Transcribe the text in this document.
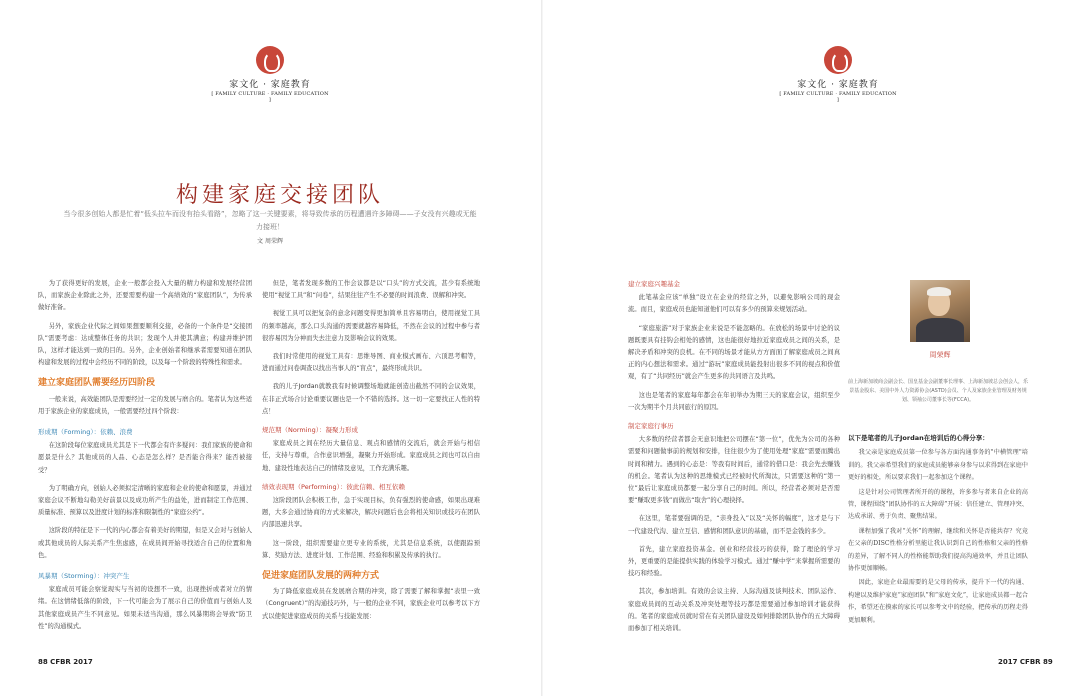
家文化 · 家庭教育
[ FAMILY CULTURE · FAMILY EDUCATION ]
构建家庭交接团队
当今很多创始人都是忙着“低头拉车而没有抬头看路”，忽略了这一关键要素，将导致传承的历程遭遇许多障碍——子女没有兴趣或无能力接班！
文 周荣辉

为了获得更好的发展，企业一般都会投入大量的精力构建和发展经营团队，而家族企业除此之外，还要需要构建一个高绩效的“家庭团队”，为传承做好准备。

另外，家族企业代际之间如果想要顺利交接，必备的一个条件是“交接团队”需要考虑：达成整体任务的共识；发现个人并使其满意；构建并维护团队，这样才能达到一致的目的。另外，企业创始者和继承者需要知道在团队构建和发展的过程中会经历不同的阶段，以及每一个阶段的特殊性和需求。

建立家庭团队需要经历四阶段

一般来说，高效能团队是需要经过一定的发展与磨合的。笔者认为这些适用于家族企业的家庭成员，一般需要经过四个阶段：

形成期（Forming）：依赖、浪费

在这阶段每位家庭成员尤其是下一代都会有许多疑问：我们家族的使命和愿景是什么？其他成员的人品、心态是怎么样？是否能合得来？能否被接受？

为了明确方向，创始人必须拟定清晰的家庭和企业的使命和愿景，并通过家庭会议不断地勾勒美好前景以及成功所产生的益处，进而制定工作范围、质量标准、预算以及进度计划的标准和限制性的“家庭公约”。

这阶段的特征是下一代的内心都会有着美好的期望，但是又会对与创始人或其他成员的人际关系产生焦虑感，在成员间开始寻找适合自己的位置和角色。

风暴期（Storming）：冲突产生

家庭成员可能会察觉现实与当初的设想不一致，出现挫折或者对立的情绪。在这情绪低落的阶段，下一代可能会为了展示自己的价值而与创始人及其他家庭成员产生不同意见。如果未适当沟通，那么风暴期将会导致“防卫性”的沟通模式。

但是，笔者发现多数的工作会议都是以“口头”的方式交流，甚少有系统地使用“视觉工具”和“问卷”，结果往往产生不必要的时间浪费、误解和冲突。

视觉工具可以把复杂的意念问题变得更加简单且容易明白，使用视觉工具的频率越高，那么口头沟通的需要就越容易降低，不然在会议的过程中参与者很容易因为分神而失去注意力及影响会议的效果。

我们时常使用的视觉工具有：思维导图、商业模式画布、六顶思考帽等，进而通过问卷调查以找出当事人的“盲点”，最终形成共识。

我的儿子Jordan就教我有时候调整场地就能创造出截然不同的会议效果，在非正式场合讨论重要议题也是一个不错的选择。这一切一定要找正人性的特点！

规范期（Norming）：凝聚力形成

家庭成员之间在经历大量信息、观点和感情的交流后，就会开始与相信任，支持与尊重，合作意识增强，凝聚力开始形成。家庭成员之间也可以自由地、建设性地表达自己的情绪及意见，工作充满乐趣。

绩效表现期（Performing）：彼此信赖、相互依赖

这阶段团队会积极工作，急于实现目标，负有强烈的使命感，如果出现难题，大多会通过协商的方式来解决，解决问题后也会将相关知识或技巧在团队内部迅速共享。

这一阶段，组织需要建立更专业的系统，尤其是信息系统，以使跟踪预算、奖励方法、进度计划、工作范围、经验和积累及传承的执行。

促进家庭团队发展的两种方式

为了降低家庭成员在发展磨合期的冲突，除了需要了解和掌握“表里一致（Congruent）”的沟通技巧外，与一般的企业不同，家族企业可以参考以下方式以使促进家庭成员的关系与技能发展：

88 CFBR 2017
家文化 · 家庭教育
[ FAMILY CULTURE · FAMILY EDUCATION ]
建立家庭兴趣基金

此笔基金应该“单独”设立在企业的经营之外，以避免影响公司的现金流。而且，家庭成员也能知道他们可以有多少的预算来规划活动。

“家庭旅游”对于家族企业来说是不能忽略的。在放松的场景中讨论的议题既要具有挂钩会相处的感情，这也能很好地拉近家庭成员之间的关系，是解决矛盾和冲突的良机。在不同的场景才能从方方面面了解家庭成员之间真正的内心想法和需求。通过“游玩”家庭成员能投射出很多不同的视点和价值观，有了“共同经历”就会产生更多的共同语言及共鸣。

这也是笔者的家庭每年都会在年初举办为期三天的家庭会议，组织至少一次为期半个月共同旅行的原因。

制定家庭行事历

大多数的经营者都会无意识地把公司摆在“第一位”，优先为公司的各种需要和问题做事前的规划和安排，往往很少为了使用处理“家庭”需要而腾出时间和精力。遇到的心态是：等我有时间后，通常的借口是：我会先去赚钱的机会。笔者认为这种的思维模式已经被时代所淘汰，只需要这种的“第一位”最后让家庭成员都要一起分享自己的时间。所以，经营者必须对是否需要“赚取更多钱”而做出“取舍”的心理抉择。

在这里，笔者要强调的是，“亲身投入”以及“关怀的幅度”，这才是与下一代建设代沟、建立互信、感情和团队意识的基础，而不是金钱的多少。

首先，建立家庭投资基金。创业和经营技巧的获得，除了理论的学习外，更重要的是能提供实践的体验学习模式。通过“赚中学”来掌握所需要的技巧和经验。

其次，参加培训。有效的会议主持、人际沟通及谈判技术、团队运作、家庭成员间的互动关系及冲突处理等技巧都是需要通过参加培训才能获得的。笔者的家庭成员就时常在有关团队建设及如何排除团队协作的五大障碍而参加了相关培训。

2017 CFBR 89
周荣辉
前上海新加坡商会副会长、国皇基金会副董事长理事、上海新加坡总会创会人，乐景基金股东、美国中外人力资源协会(ASTD)会员、个人及家族企业管理及财务规划、领袖公司董事长等(FCCA)。
以下是笔者的儿子Jordan在培训后的心得分享：

我父亲是家庭成员第一位参与各方面沟通事务的"中横管理"培训的。我父亲希望我们的家庭成员能够亲身参与以求得到在家庭中更好的相处，所以要求我们一起参加这个课程。

这是针对公司管理者所开的的课程，许多参与者来自企业的高管，课程围绕“团队协作的五大障碍”开展：信任建立、管理冲突、达成承诺、勇于负责、聚焦结果。

课程加强了我对“关怀”的理解，继续和关怀是否能共存？究竟在父亲的DISC性格分析里能让我认识到自己的性格和父亲的性格的差异，了解不同人的性格能帮助我们提高沟通效率，并且让团队协作更加顺畅。

因此，家庭企业最需要的是父母的传承，提升下一代的沟通、构建以及维护家庭“家庭团队”和“家庭文化”，让家庭成员都一起合作，希望还在摸索的家长可以参考文中的经验，把传承的历程走得更加顺利。
